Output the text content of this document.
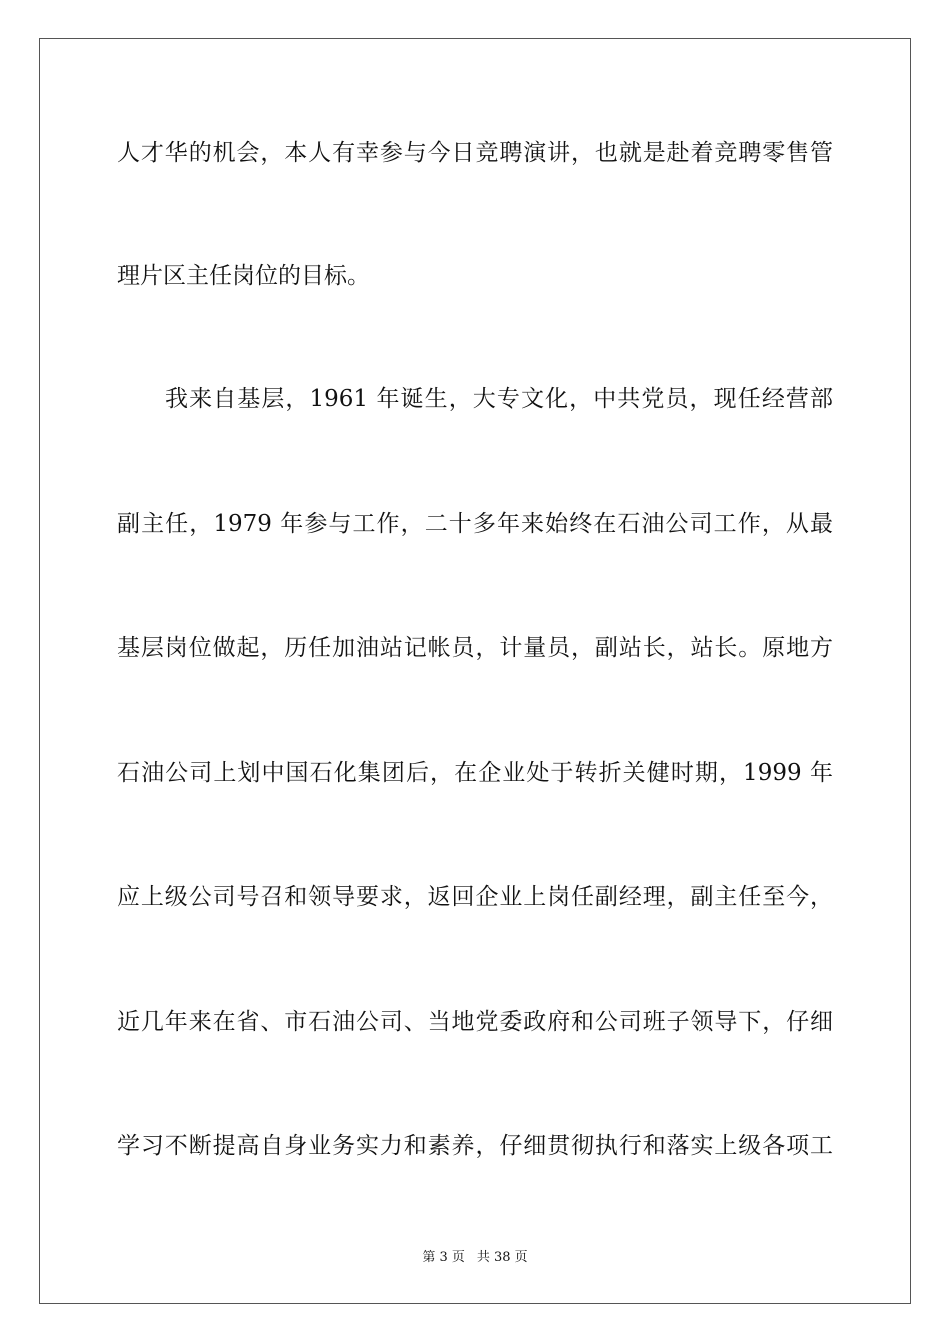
人才华的机会，本人有幸参与今日竞聘演讲，也就是赴着竞聘零售管
理片区主任岗位的目标。
我来自基层，1961 年诞生，大专文化，中共党员，现任经营部
副主任，1979 年参与工作，二十多年来始终在石油公司工作，从最
基层岗位做起，历任加油站记帐员，计量员，副站长，站长。原地方
石油公司上划中国石化集团后，在企业处于转折关健时期，1999 年
应上级公司号召和领导要求，返回企业上岗任副经理，副主任至今，
近几年来在省、市石油公司、当地党委政府和公司班子领导下，仔细
学习不断提高自身业务实力和素养，仔细贯彻执行和落实上级各项工
第 3 页 共 38 页
